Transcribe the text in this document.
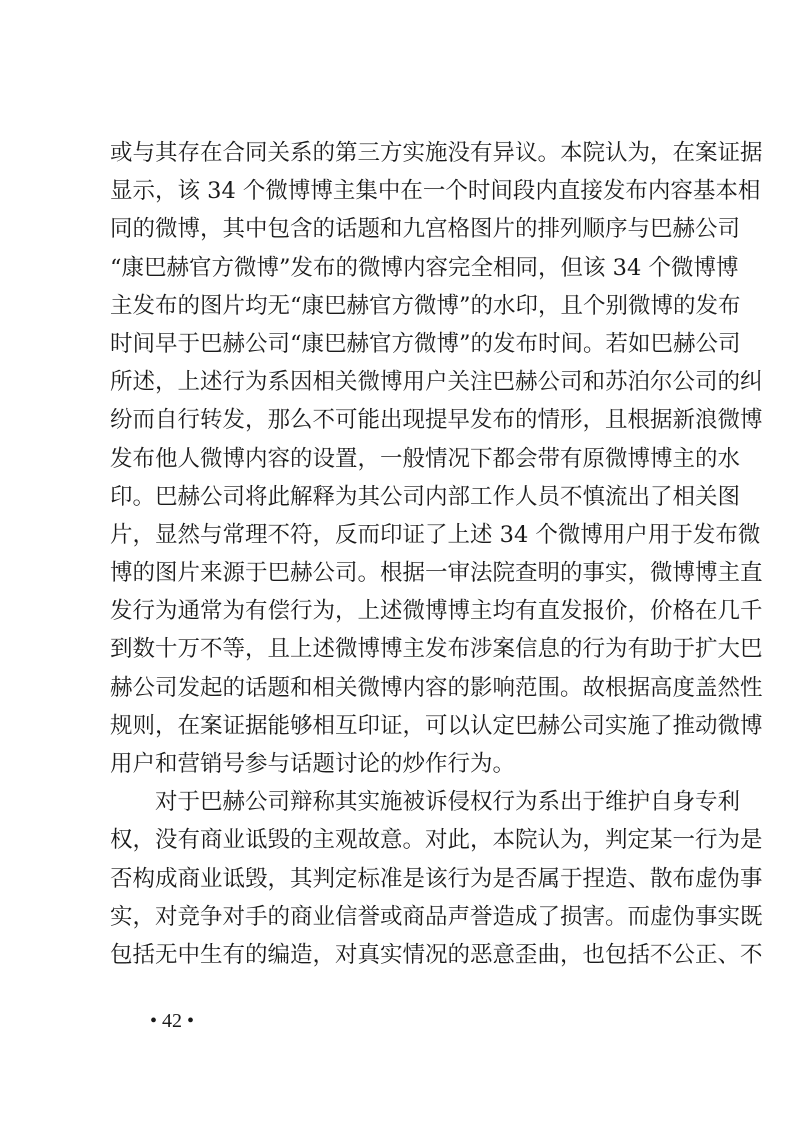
或与其存在合同关系的第三方实施没有异议。本院认为，在案证据
显示，该 34 个微博博主集中在一个时间段内直接发布内容基本相
同的微博，其中包含的话题和九宫格图片的排列顺序与巴赫公司
“康巴赫官方微博”发布的微博内容完全相同，但该 34 个微博博
主发布的图片均无“康巴赫官方微博”的水印，且个别微博的发布
时间早于巴赫公司“康巴赫官方微博”的发布时间。若如巴赫公司
所述，上述行为系因相关微博用户关注巴赫公司和苏泊尔公司的纠
纷而自行转发，那么不可能出现提早发布的情形，且根据新浪微博
发布他人微博内容的设置，一般情况下都会带有原微博博主的水
印。巴赫公司将此解释为其公司内部工作人员不慎流出了相关图
片，显然与常理不符，反而印证了上述 34 个微博用户用于发布微
博的图片来源于巴赫公司。根据一审法院查明的事实，微博博主直
发行为通常为有偿行为，上述微博博主均有直发报价，价格在几千
到数十万不等，且上述微博博主发布涉案信息的行为有助于扩大巴
赫公司发起的话题和相关微博内容的影响范围。故根据高度盖然性
规则，在案证据能够相互印证，可以认定巴赫公司实施了推动微博
用户和营销号参与话题讨论的炒作行为。
对于巴赫公司辩称其实施被诉侵权行为系出于维护自身专利
权，没有商业诋毁的主观故意。对此，本院认为，判定某一行为是
否构成商业诋毁，其判定标准是该行为是否属于捏造、散布虚伪事
实，对竞争对手的商业信誉或商品声誉造成了损害。而虚伪事实既
包括无中生有的编造，对真实情况的恶意歪曲，也包括不公正、不
• 42 •
